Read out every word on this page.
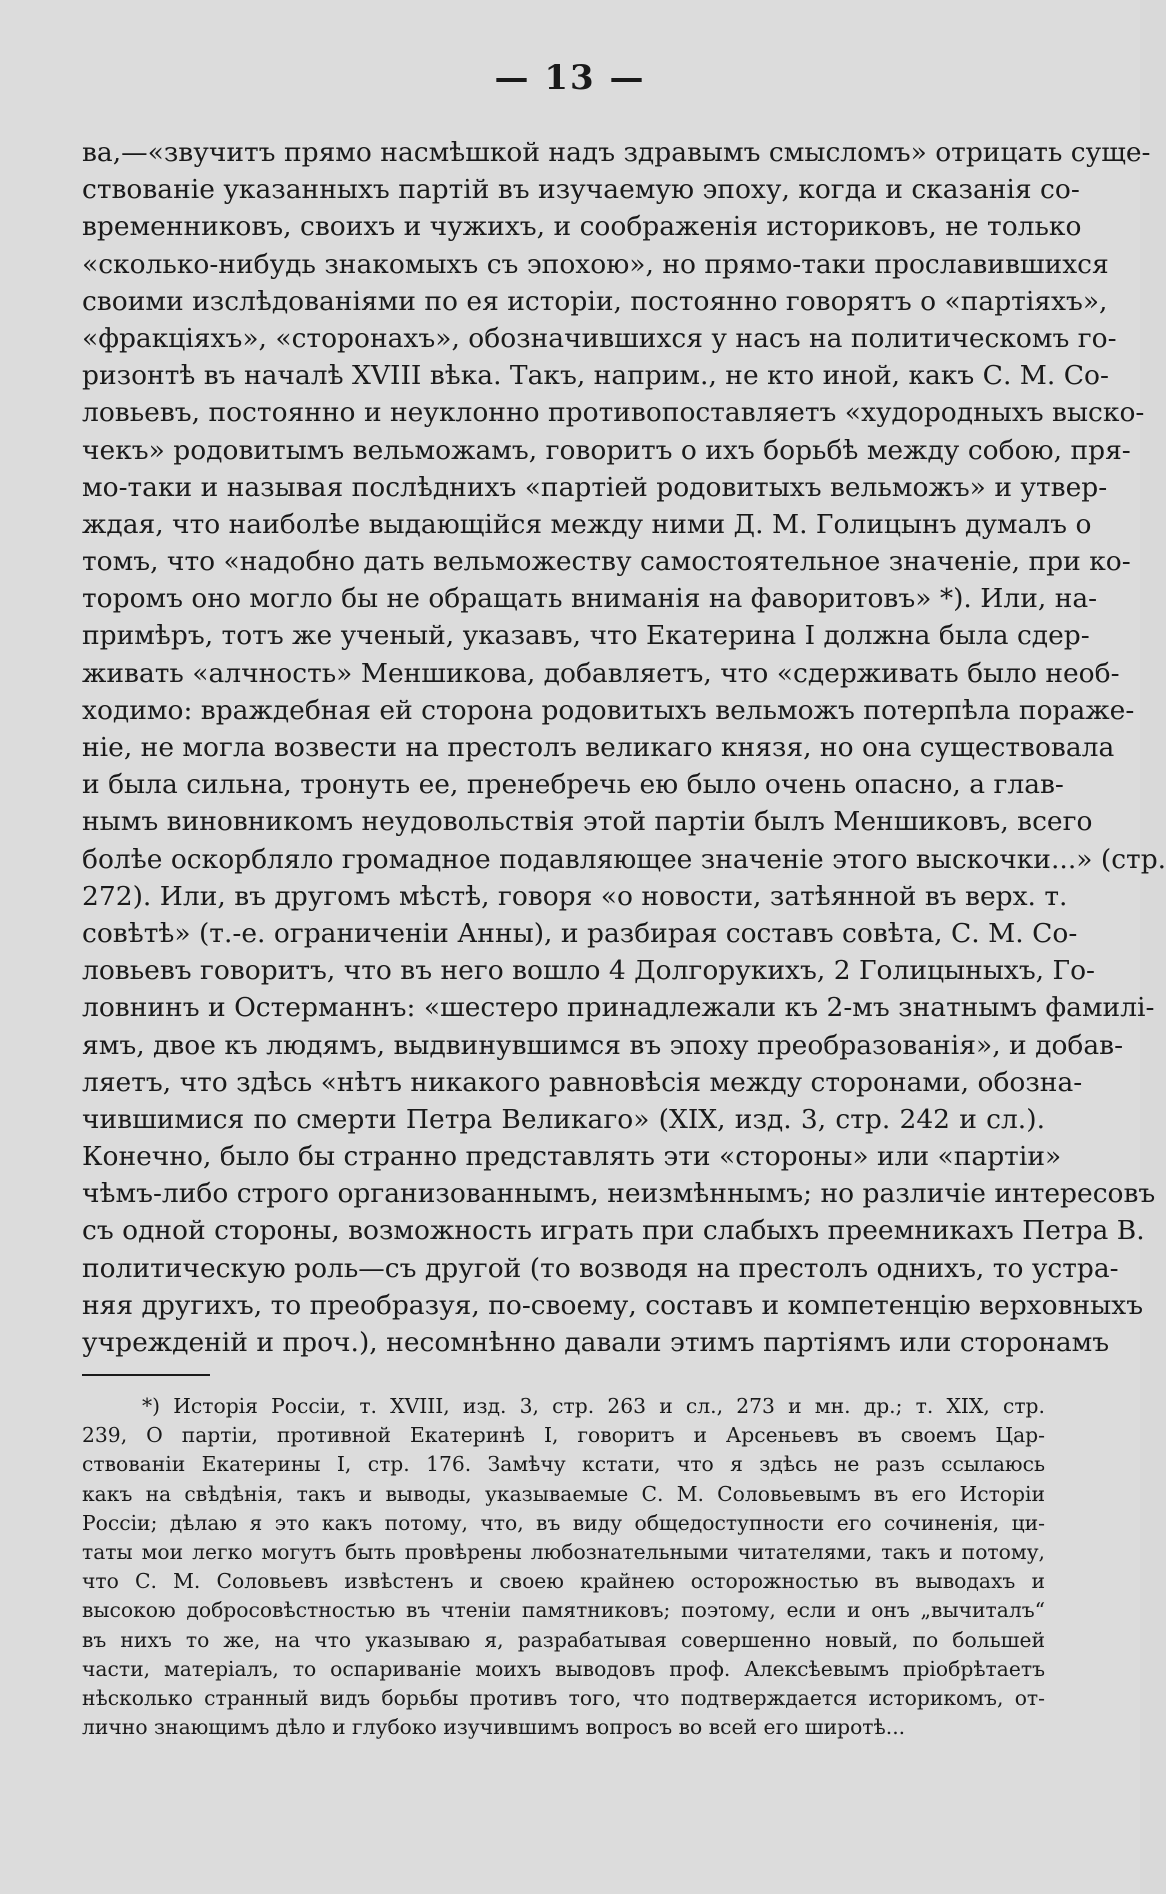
— 13 —
ва,—«звучитъ прямо насмѣшкой надъ здравымъ смысломъ» отрицать суще-
ствованіе указанныхъ партій въ изучаемую эпоху, когда и сказанія со-
временниковъ, своихъ и чужихъ, и соображенія историковъ, не только
«сколько-нибудь знакомыхъ съ эпохою», но прямо-таки прославившихся
своими изслѣдованіями по ея исторіи, постоянно говорятъ о «партіяхъ»,
«фракціяхъ», «сторонахъ», обозначившихся у насъ на политическомъ го-
ризонтѣ въ началѣ XVIII вѣка. Такъ, наприм., не кто иной, какъ С. М. Со-
ловьевъ, постоянно и неуклонно противопоставляетъ «худородныхъ выско-
чекъ» родовитымъ вельможамъ, говоритъ о ихъ борьбѣ между собою, пря-
мо-таки и называя послѣднихъ «партіей родовитыхъ вельможъ» и утвер-
ждая, что наиболѣе выдающійся между ними Д. М. Голицынъ думалъ о
томъ, что «надобно дать вельможеству самостоятельное значеніе, при ко-
торомъ оно могло бы не обращать вниманія на фаворитовъ» *). Или, на-
примѣръ, тотъ же ученый, указавъ, что Екатерина I должна была сдер-
живать «алчность» Меншикова, добавляетъ, что «сдерживать было необ-
ходимо: враждебная ей сторона родовитыхъ вельможъ потерпѣла пораже-
ніе, не могла возвести на престолъ великаго князя, но она существовала
и была сильна, тронуть ее, пренебречь ею было очень опасно, а глав-
нымъ виновникомъ неудовольствія этой партіи былъ Меншиковъ, всего
болѣе оскорбляло громадное подавляющее значеніе этого выскочки...» (стр.
272). Или, въ другомъ мѣстѣ, говоря «о новости, затѣянной въ верх. т.
совѣтѣ» (т.-е. ограниченіи Анны), и разбирая составъ совѣта, С. М. Со-
ловьевъ говоритъ, что въ него вошло 4 Долгорукихъ, 2 Голицыныхъ, Го-
ловнинъ и Остерманнъ: «шестеро принадлежали къ 2-мъ знатнымъ фамилі-
ямъ, двое къ людямъ, выдвинувшимся въ эпоху преобразованія», и добав-
ляетъ, что здѣсь «нѣтъ никакого равновѣсія между сторонами, обозна-
чившимися по смерти Петра Великаго» (XIX, изд. 3, стр. 242 и сл.).
Конечно, было бы странно представлять эти «стороны» или «партіи»
чѣмъ-либо строго организованнымъ, неизмѣннымъ; но различіе интересовъ
съ одной стороны, возможность играть при слабыхъ преемникахъ Петра В.
политическую роль—съ другой (то возводя на престолъ однихъ, то устра-
няя другихъ, то преобразуя, по-своему, составъ и компетенцію верховныхъ
учрежденій и проч.), несомнѣнно давали этимъ партіямъ или сторонамъ
*) Исторія Россіи, т. XVIII, изд. 3, стр. 263 и сл., 273 и мн. др.; т. XIX, стр.
239, О партіи, противной Екатеринѣ I, говоритъ и Арсеньевъ въ своемъ Цар-
ствованіи Екатерины I, стр. 176. Замѣчу кстати, что я здѣсь не разъ ссылаюсь
какъ на свѣдѣнія, такъ и выводы, указываемые С. М. Соловьевымъ въ его Исторіи
Россіи; дѣлаю я это какъ потому, что, въ виду общедоступности его сочиненія, ци-
таты мои легко могутъ быть провѣрены любознательными читателями, такъ и потому,
что С. М. Соловьевъ извѣстенъ и своею крайнею осторожностью въ выводахъ и
высокою добросовѣстностью въ чтеніи памятниковъ; поэтому, если и онъ „вычиталъ“
въ нихъ то же, на что указываю я, разрабатывая совершенно новый, по большей
части, матеріалъ, то оспариваніе моихъ выводовъ проф. Алексѣевымъ пріобрѣтаетъ
нѣсколько странный видъ борьбы противъ того, что подтверждается историкомъ, от-
лично знающимъ дѣло и глубоко изучившимъ вопросъ во всей его широтѣ...
